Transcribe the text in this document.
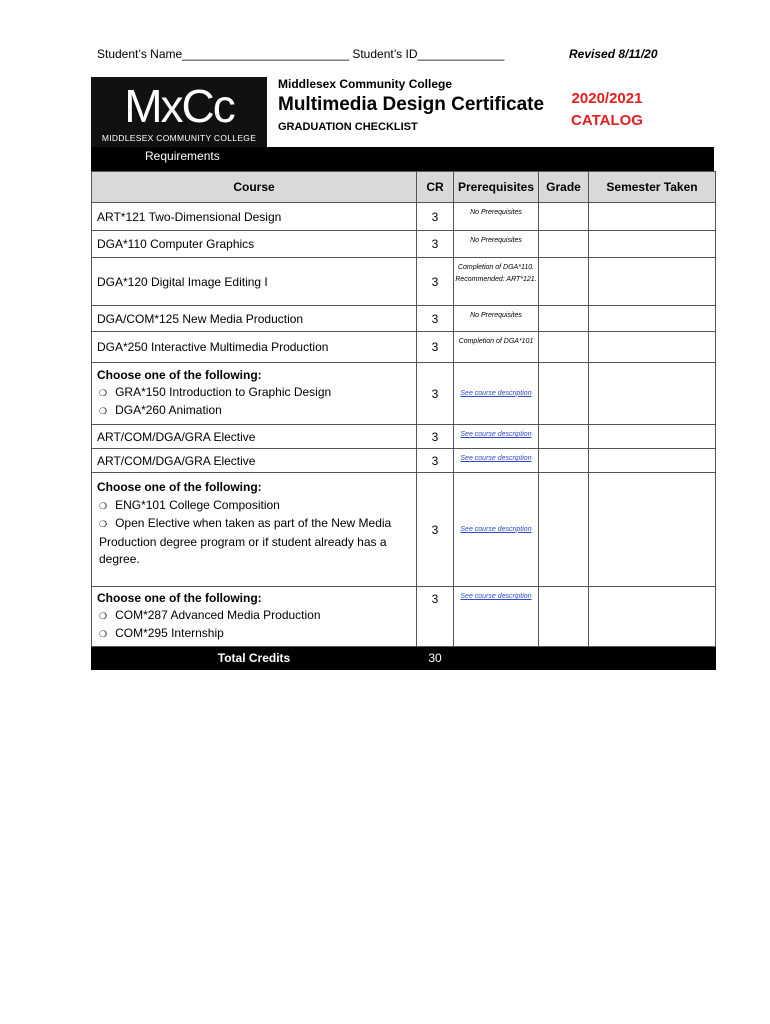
Student’s Name_________________________ Student’s ID_____________	Revised 8/11/20
MxCc
MIDDLESEX COMMUNITY COLLEGE
Middlesex Community College
Multimedia Design Certificate
GRADUATION CHECKLIST
2020/2021
CATALOG
Requirements
Course	CR	Prerequisites	Grade	Semester Taken
ART*121 Two-Dimensional Design	3	No Prerequisites		
DGA*110 Computer Graphics	3	No Prerequisites		
DGA*120 Digital Image Editing I	3	Completion of DGA*110. Recommended: ART*121.		
DGA/COM*125 New Media Production	3	No Prerequisites		
DGA*250 Interactive Multimedia Production	3	Completion of DGA*101		
Choose one of the following:
❍ GRA*150 Introduction to Graphic Design
❍ DGA*260 Animation	3	See course description		
ART/COM/DGA/GRA Elective	3	See course description		
ART/COM/DGA/GRA Elective	3	See course description		
Choose one of the following:
❍ ENG*101 College Composition
❍ Open Elective when taken as part of the New Media Production degree program or if student already has a degree.	3	See course description		
Choose one of the following:
❍ COM*287 Advanced Media Production
❍ COM*295 Internship	3	See course description		
Total Credits	30			
